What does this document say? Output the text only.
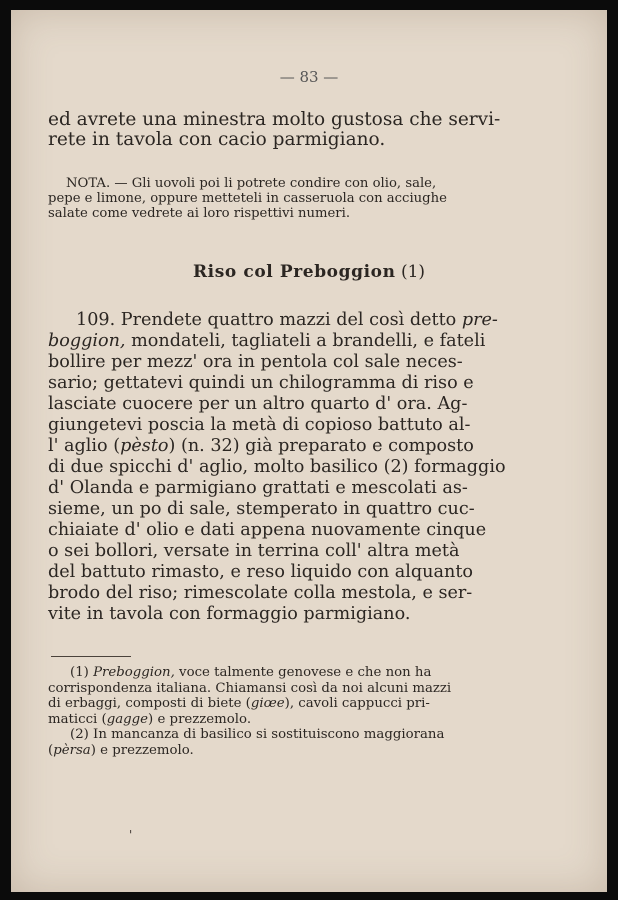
— 83 —
ed avrete una minestra molto gustosa che servi-
rete in tavola con cacio parmigiano.
NOTA. — Gli uovoli poi li potrete condire con olio, sale,
pepe e limone, oppure metteteli in casseruola con acciughe
salate come vedrete ai loro rispettivi numeri.
Riso col Preboggion (1)
109. Prendete quattro mazzi del così detto pre-
boggion, mondateli, tagliateli a brandelli, e fateli
bollire per mezz' ora in pentola col sale neces-
sario; gettatevi quindi un chilogramma di riso e
lasciate cuocere per un altro quarto d' ora. Ag-
giungetevi poscia la metà di copioso battuto al-
l' aglio (pèsto) (n. 32) già preparato e composto
di due spicchi d' aglio, molto basilico (2) formaggio
d' Olanda e parmigiano grattati e mescolati as-
sieme, un po di sale, stemperato in quattro cuc-
chiaiate d' olio e dati appena nuovamente cinque
o sei bollori, versate in terrina coll' altra metà
del battuto rimasto, e reso liquido con alquanto
brodo del riso; rimescolate colla mestola, e ser-
vite in tavola con formaggio parmigiano.
(1) Preboggion, voce talmente genovese e che non ha
corrispondenza italiana. Chiamansi così da noi alcuni mazzi
di erbaggi, composti di biete (giœe), cavoli cappucci pri-
maticci (gagge) e prezzemolo.
(2) In mancanza di basilico si sostituiscono maggiorana
(pèrsa) e prezzemolo.
'
